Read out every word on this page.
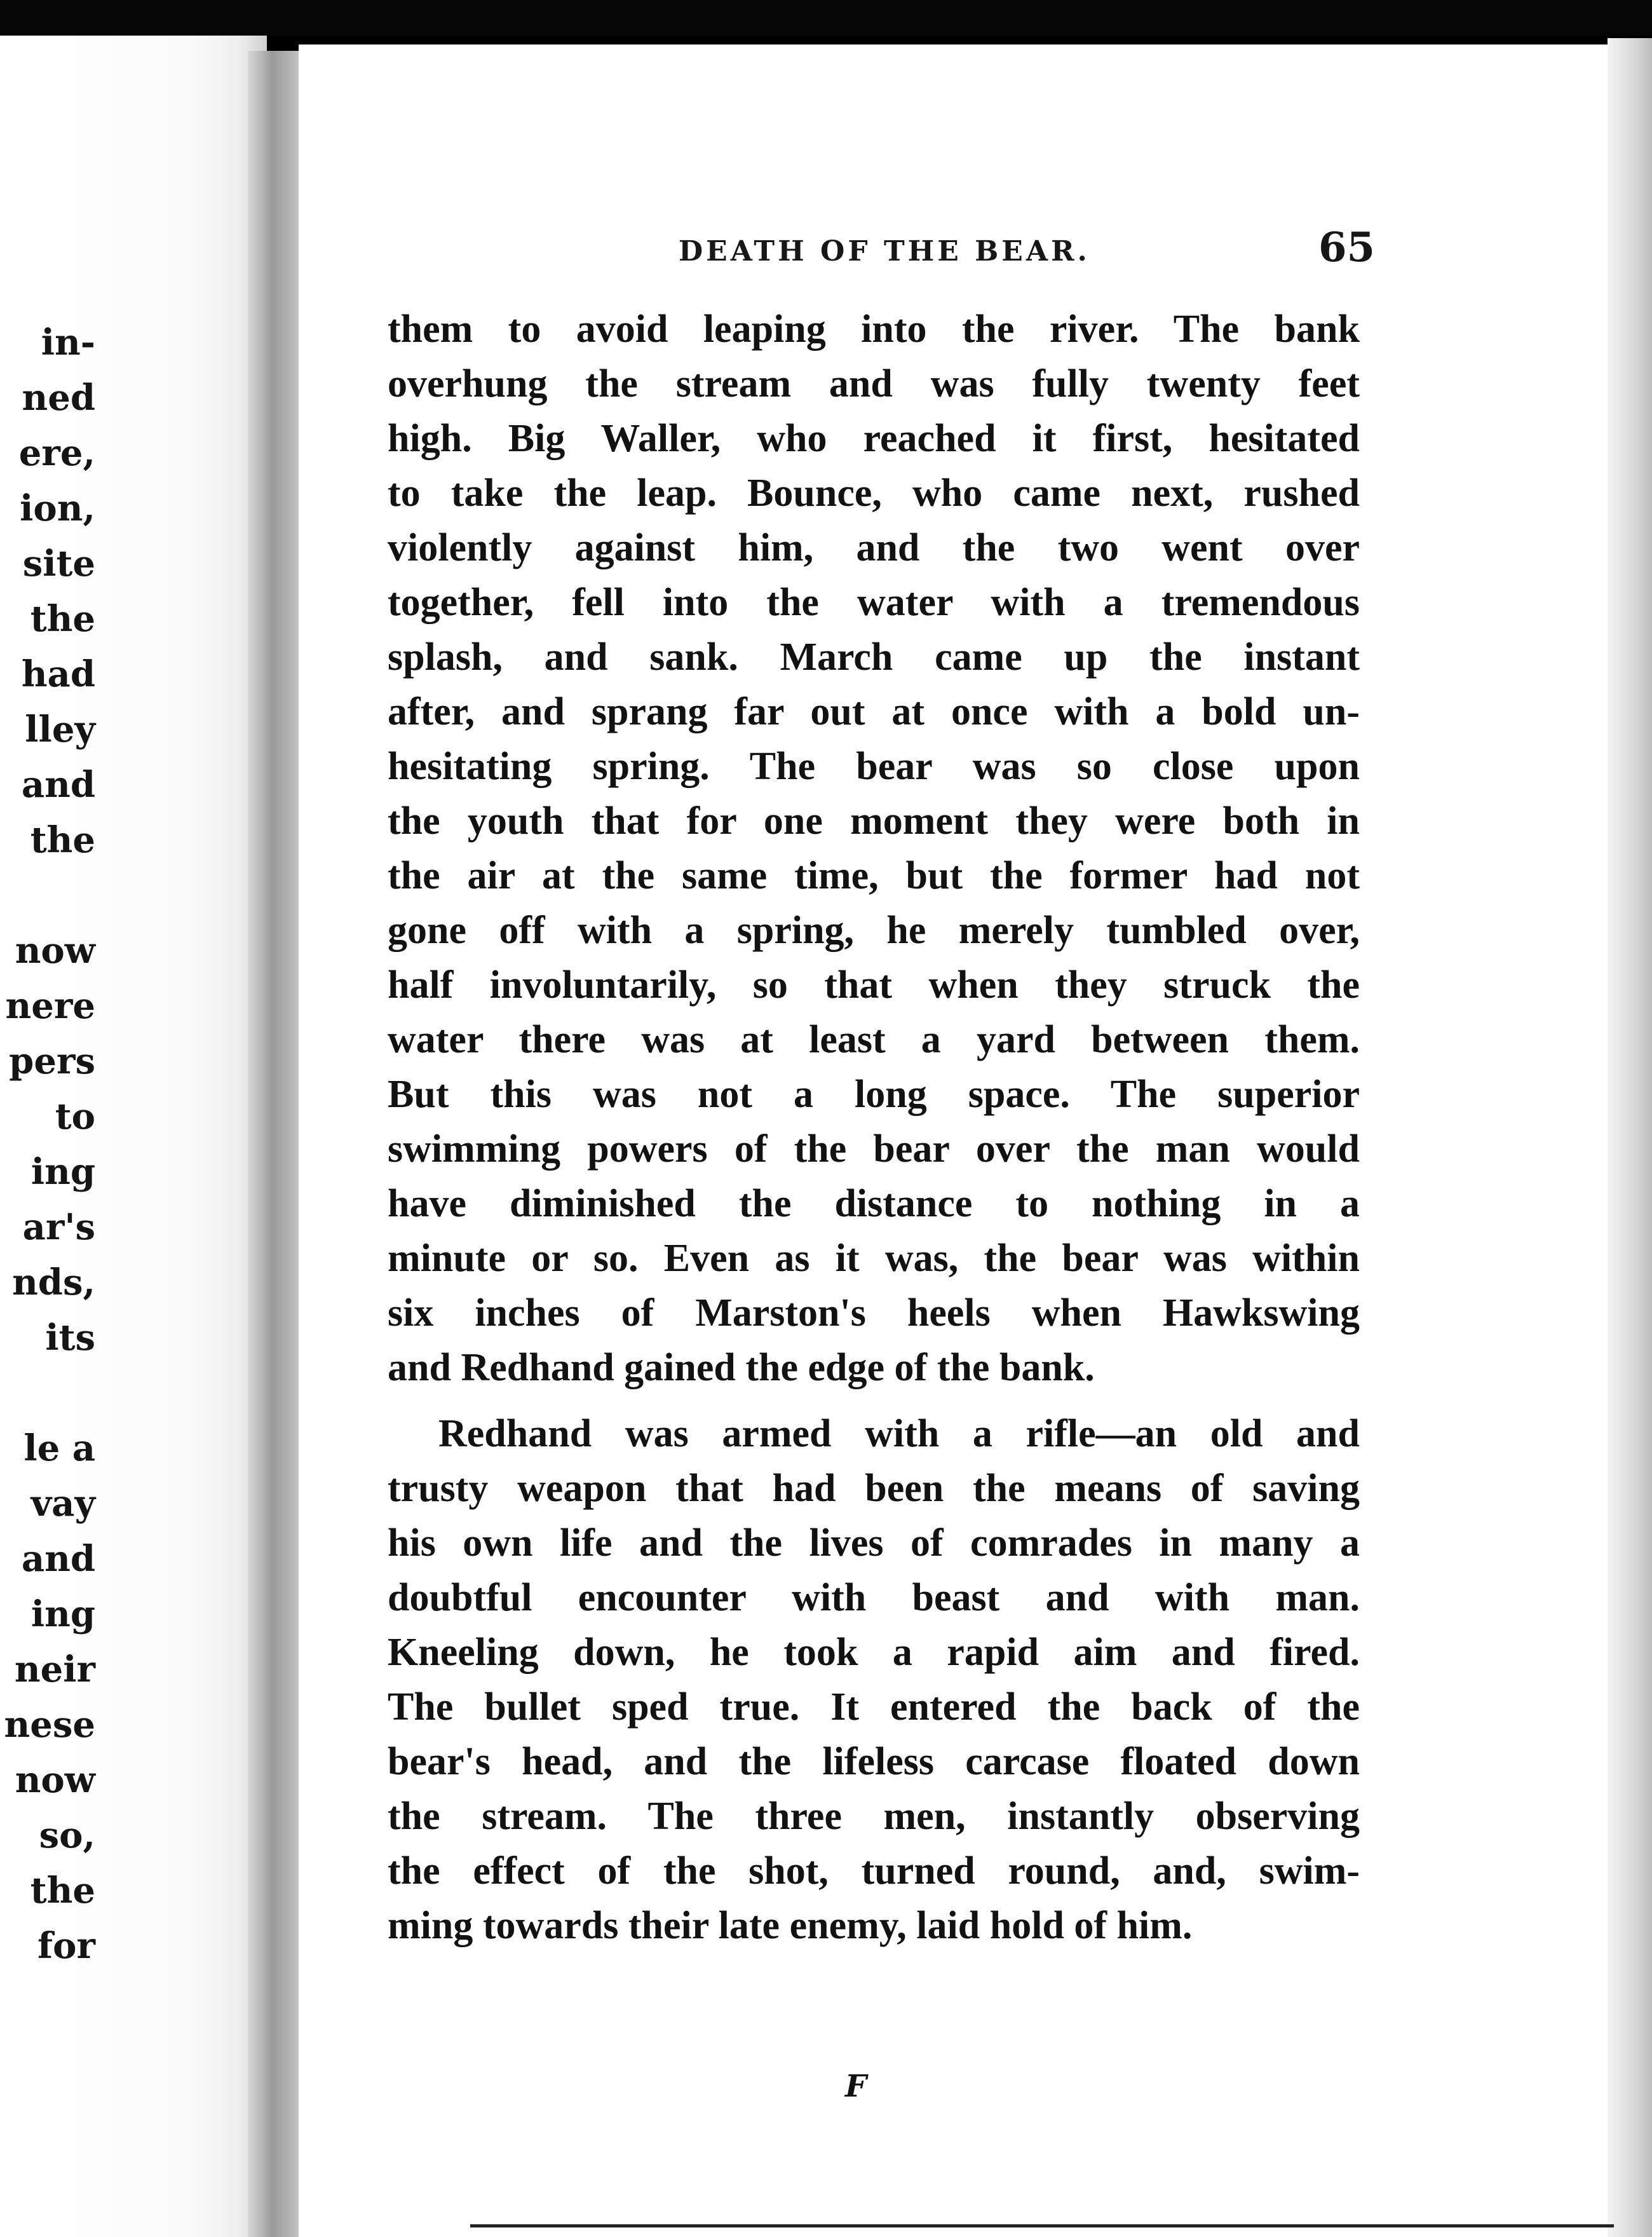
in-
ned
ere,
ion,
site
the
had
lley
and
the
now
nere
pers
to
ing
ar's
nds,
its
le a
vay
and
ing
neir
nese
now
so,
the
for
DEATH OF THE BEAR.	65
them to avoid leaping into the river. The bank
overhung the stream and was fully twenty feet
high. Big Waller, who reached it first, hesitated
to take the leap. Bounce, who came next, rushed
violently against him, and the two went over
together, fell into the water with a tremendous
splash, and sank. March came up the instant
after, and sprang far out at once with a bold un-
hesitating spring. The bear was so close upon
the youth that for one moment they were both in
the air at the same time, but the former had not
gone off with a spring, he merely tumbled over,
half involuntarily, so that when they struck the
water there was at least a yard between them.
But this was not a long space. The superior
swimming powers of the bear over the man would
have diminished the distance to nothing in a
minute or so. Even as it was, the bear was within
six inches of Marston's heels when Hawkswing
and Redhand gained the edge of the bank.
Redhand was armed with a rifle—an old and
trusty weapon that had been the means of saving
his own life and the lives of comrades in many a
doubtful encounter with beast and with man.
Kneeling down, he took a rapid aim and fired.
The bullet sped true. It entered the back of the
bear's head, and the lifeless carcase floated down
the stream. The three men, instantly observing
the effect of the shot, turned round, and, swim-
ming towards their late enemy, laid hold of him.
F
